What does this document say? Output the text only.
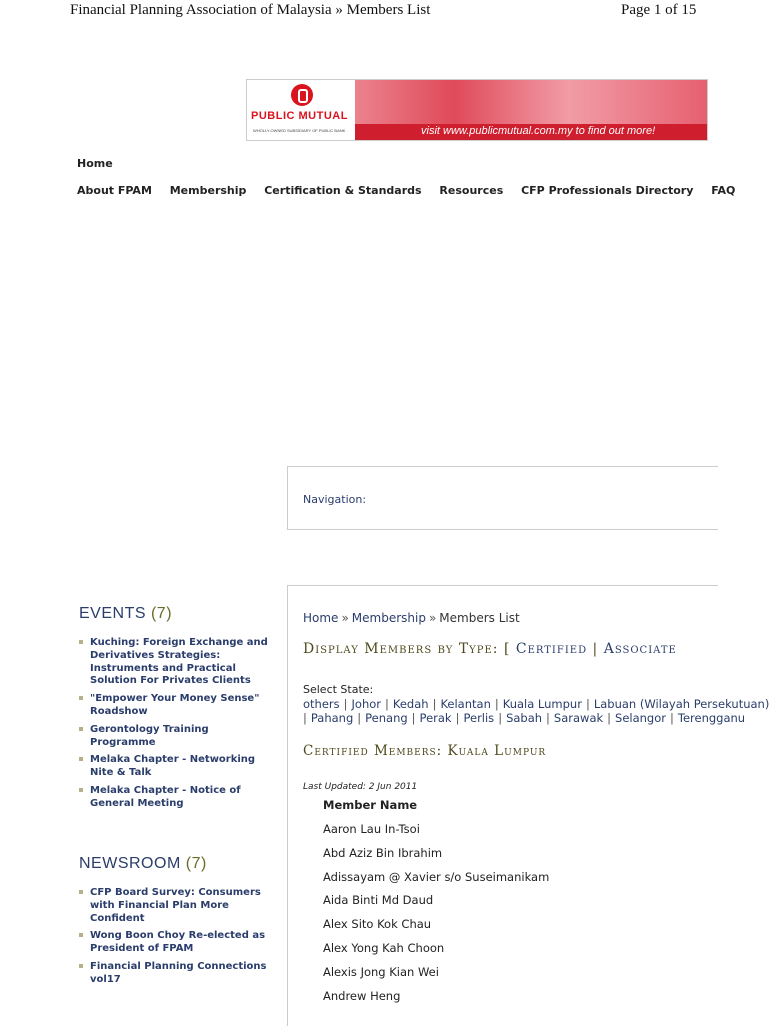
Financial Planning Association of Malaysia » Members List	Page 1 of 15
PUBLIC MUTUAL
WHOLLY-OWNED SUBSIDIARY OF PUBLIC BANK	visit www.publicmutual.com.my to find out more!
Home
About FPAM Membership Certification & Standards Resources CFP Professionals Directory FAQ
Navigation:
EVENTS (7)
Kuching: Foreign Exchange and Derivatives Strategies: Instruments and Practical Solution For Privates Clients
"Empower Your Money Sense" Roadshow
Gerontology Training Programme
Melaka Chapter - Networking Nite & Talk
Melaka Chapter - Notice of General Meeting
NEWSROOM (7)
CFP Board Survey: Consumers with Financial Plan More Confident
Wong Boon Choy Re-elected as President of FPAM
Financial Planning Connections vol17
Home » Membership » Members List
Display Members by Type: [ Certified | Associate
Select State:
others | Johor | Kedah | Kelantan | Kuala Lumpur | Labuan (Wilayah Persekutuan)
| Pahang | Penang | Perak | Perlis | Sabah | Sarawak | Selangor | Terengganu
Certified Members: Kuala Lumpur
Last Updated: 2 Jun 2011
Member Name
Aaron Lau In-Tsoi
Abd Aziz Bin Ibrahim
Adissayam @ Xavier s/o Suseimanikam
Aida Binti Md Daud
Alex Sito Kok Chau
Alex Yong Kah Choon
Alexis Jong Kian Wei
Andrew Heng
